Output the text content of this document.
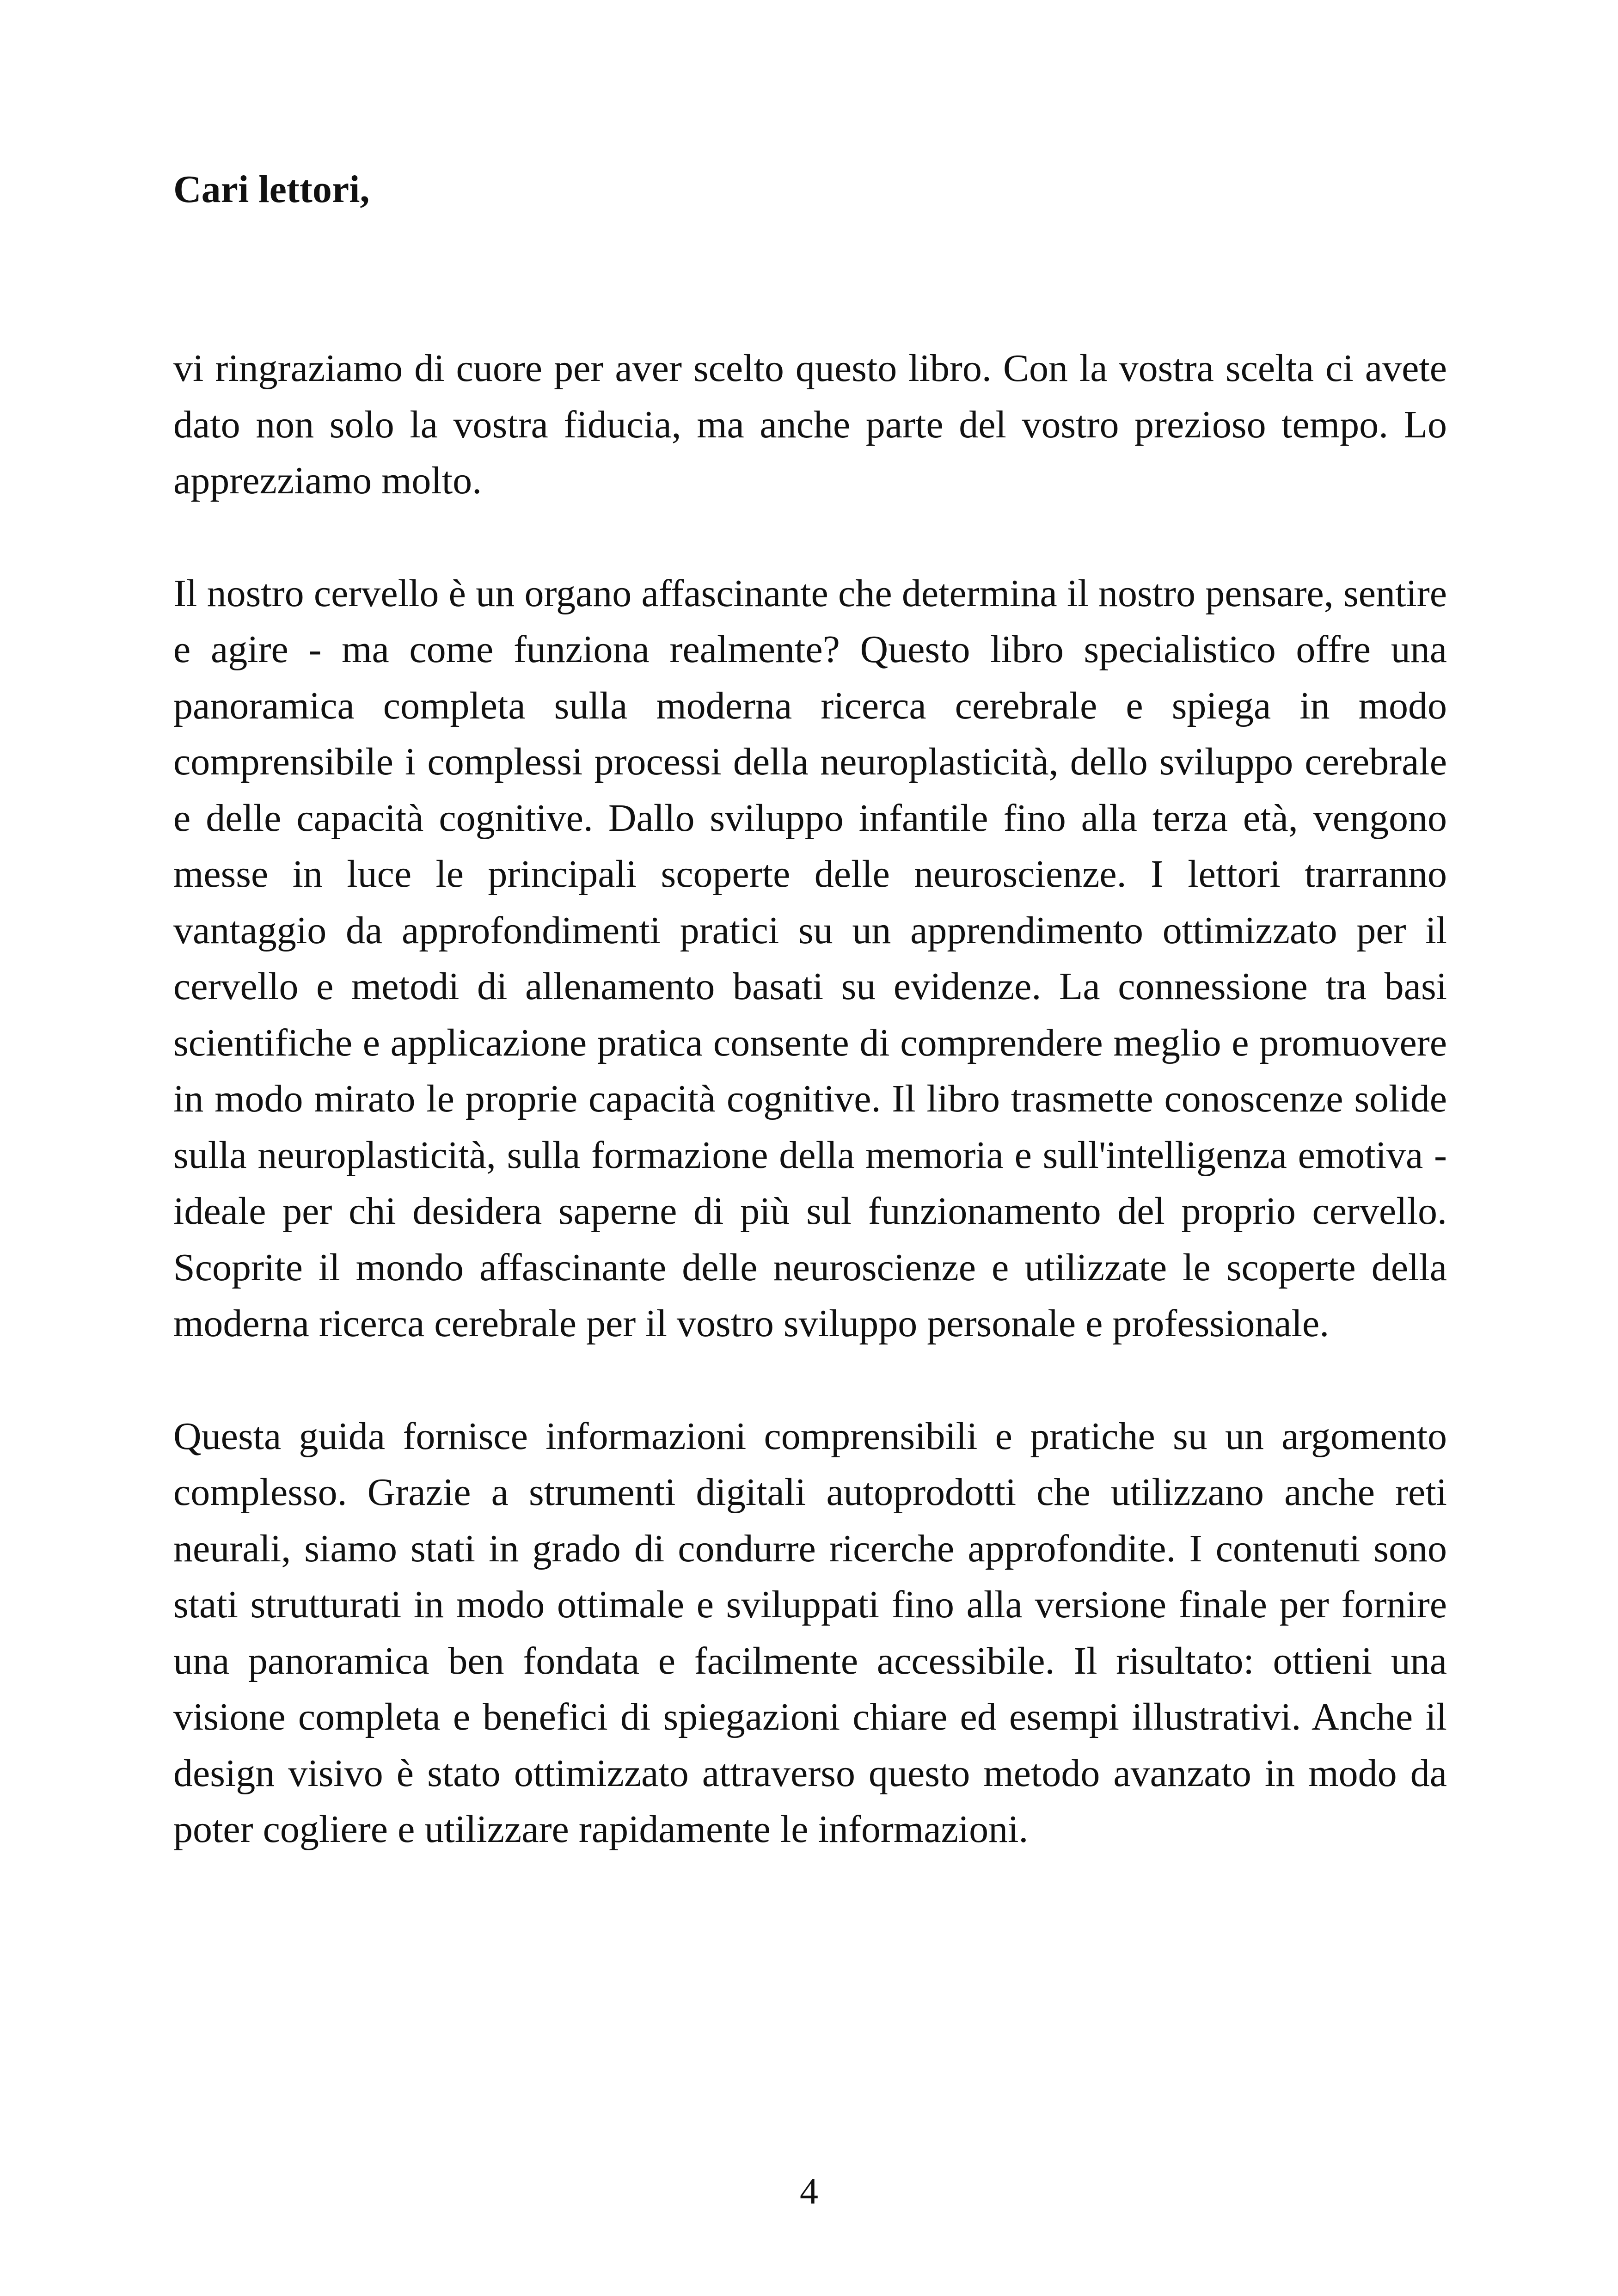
Cari lettori,

vi ringraziamo di cuore per aver scelto questo libro. Con la vostra scelta ci avete dato non solo la vostra fiducia, ma anche parte del vostro prezioso tempo. Lo apprezziamo molto.

Il nostro cervello è un organo affascinante che determina il nostro pensare, sentire e agire - ma come funziona realmente? Questo libro specialistico offre una panoramica completa sulla moderna ricerca cerebrale e spiega in modo comprensibile i complessi processi della neuroplasticità, dello sviluppo cerebrale e delle capacità cognitive. Dallo sviluppo infantile fino alla terza età, vengono messe in luce le principali scoperte delle neuroscienze. I lettori trarranno vantaggio da approfondimenti pratici su un apprendimento ottimizzato per il cervello e metodi di allenamento basati su evidenze. La connessione tra basi scientifiche e applicazione pratica consente di comprendere meglio e promuovere in modo mirato le proprie capacità cognitive. Il libro trasmette conoscenze solide sulla neuroplasticità, sulla formazione della memoria e sull'intelligenza emotiva - ideale per chi desidera saperne di più sul funzionamento del proprio cervello. Scoprite il mondo affascinante delle neuroscienze e utilizzate le scoperte della moderna ricerca cerebrale per il vostro sviluppo personale e professionale.

Questa guida fornisce informazioni comprensibili e pratiche su un argomento complesso. Grazie a strumenti digitali autoprodotti che utilizzano anche reti neurali, siamo stati in grado di condurre ricerche approfondite. I contenuti sono stati strutturati in modo ottimale e sviluppati fino alla versione finale per fornire una panoramica ben fondata e facilmente accessibile. Il risultato: ottieni una visione completa e benefici di spiegazioni chiare ed esempi illustrativi. Anche il design visivo è stato ottimizzato attraverso questo metodo avanzato in modo da poter cogliere e utilizzare rapidamente le informazioni.

4
